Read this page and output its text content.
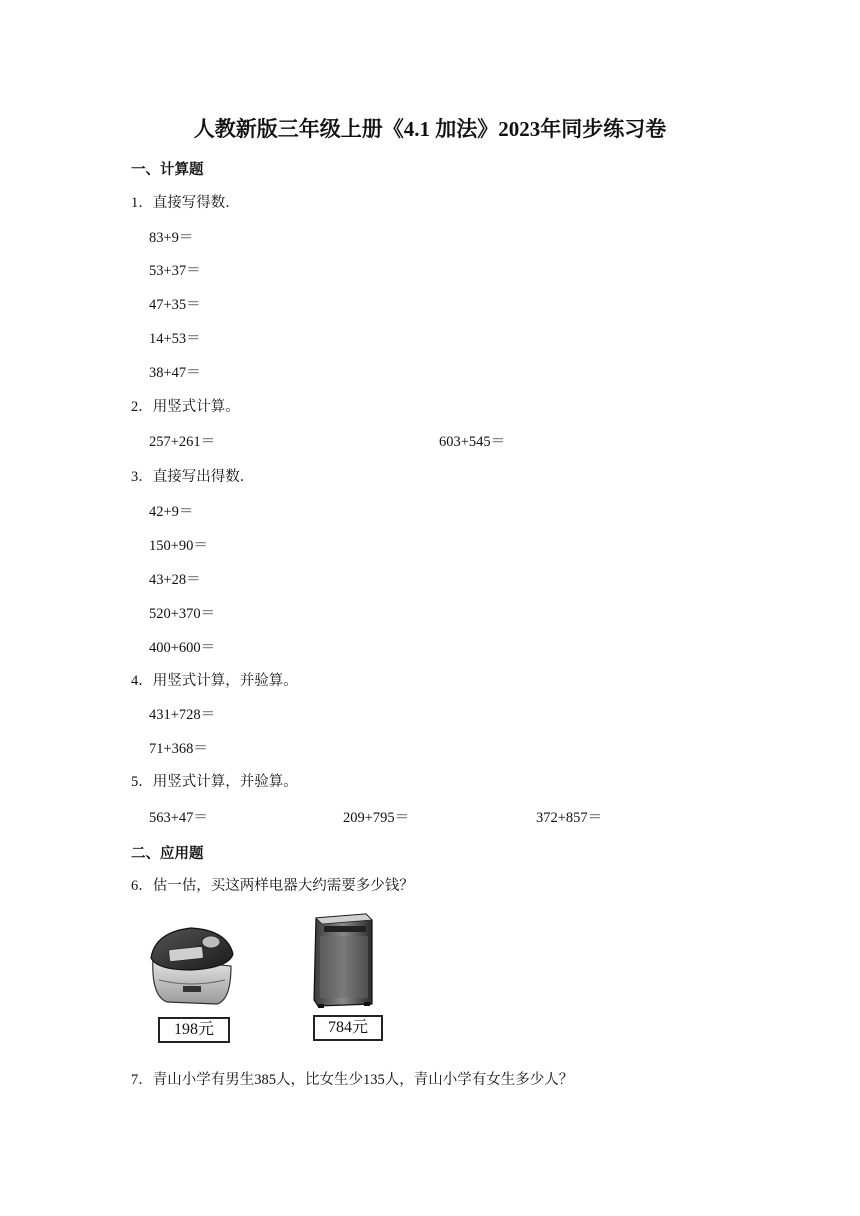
人教新版三年级上册《4.1 加法》2023年同步练习卷
一、计算题
1．直接写得数．
83+9＝
53+37＝
47+35＝
14+53＝
38+47＝
2．用竖式计算。
257+261＝	603+545＝
3．直接写出得数．
42+9＝
150+90＝
43+28＝
520+370＝
400+600＝
4．用竖式计算，并验算。
431+728＝
71+368＝
5．用竖式计算，并验算。
563+47＝	209+795＝	372+857＝
二、应用题
6．估一估，买这两样电器大约需要多少钱？
198元	784元
7．青山小学有男生385人，比女生少135人，青山小学有女生多少人？
